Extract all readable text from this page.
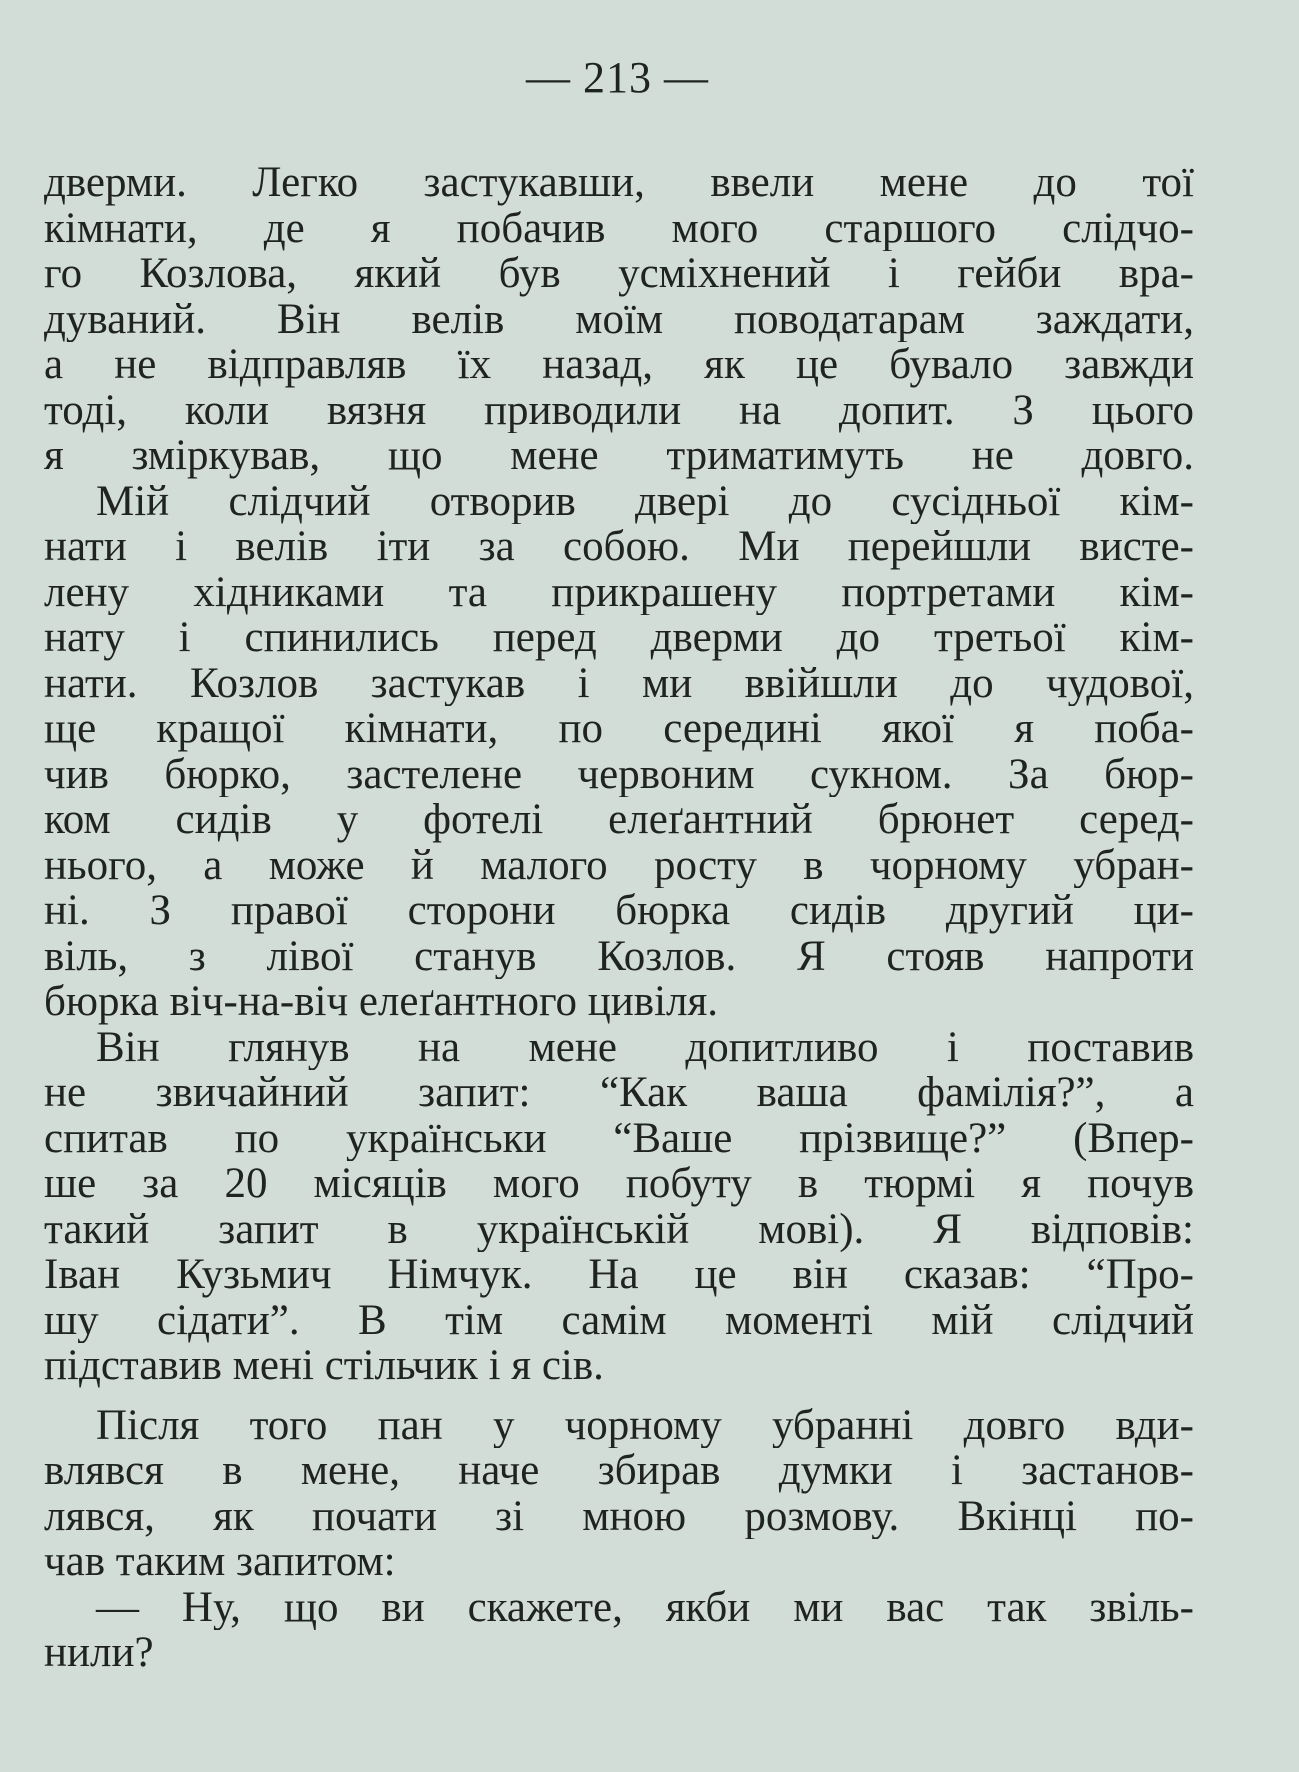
— 213 —
дверми. Легко застукавши, ввели мене до тої
кімнати, де я побачив мого старшого слідчо-
го Козлова, який був усміхнений і гейби вра-
дуваний. Він велів моїм поводатарам заждати,
а не відправляв їх назад, як це бувало завжди
тоді, коли вязня приводили на допит. З цього
я зміркував, що мене триматимуть не довго.
Мій слідчий отворив двері до сусідньої кім-
нати і велів іти за собою. Ми перейшли висте-
лену хідниками та прикрашену портретами кім-
нату і спинились перед дверми до третьої кім-
нати. Козлов застукав і ми ввійшли до чудової,
ще кращої кімнати, по середині якої я поба-
чив бюрко, застелене червоним сукном. За бюр-
ком сидів у фотелі елеґантний брюнет серед-
нього, а може й малого росту в чорному убран-
ні. З правої сторони бюрка сидів другий ци-
віль, з лівої станув Козлов. Я стояв напроти
бюрка віч-на-віч елеґантного цивіля.
Він глянув на мене допитливо і поставив
не звичайний запит: “Как ваша фамілія?”, а
спитав по українськи “Ваше прізвище?” (Впер-
ше за 20 місяців мого побуту в тюрмі я почув
такий запит в українській мові). Я відповів:
Іван Кузьмич Німчук. На це він сказав: “Про-
шу сідати”. В тім самім моменті мій слідчий
підставив мені стільчик і я сів.
Після того пан у чорному убранні довго вди-
влявся в мене, наче збирав думки і застанов-
лявся, як почати зі мною розмову. Вкінці по-
чав таким запитом:
— Ну, що ви скажете, якби ми вас так звіль-
нили?
